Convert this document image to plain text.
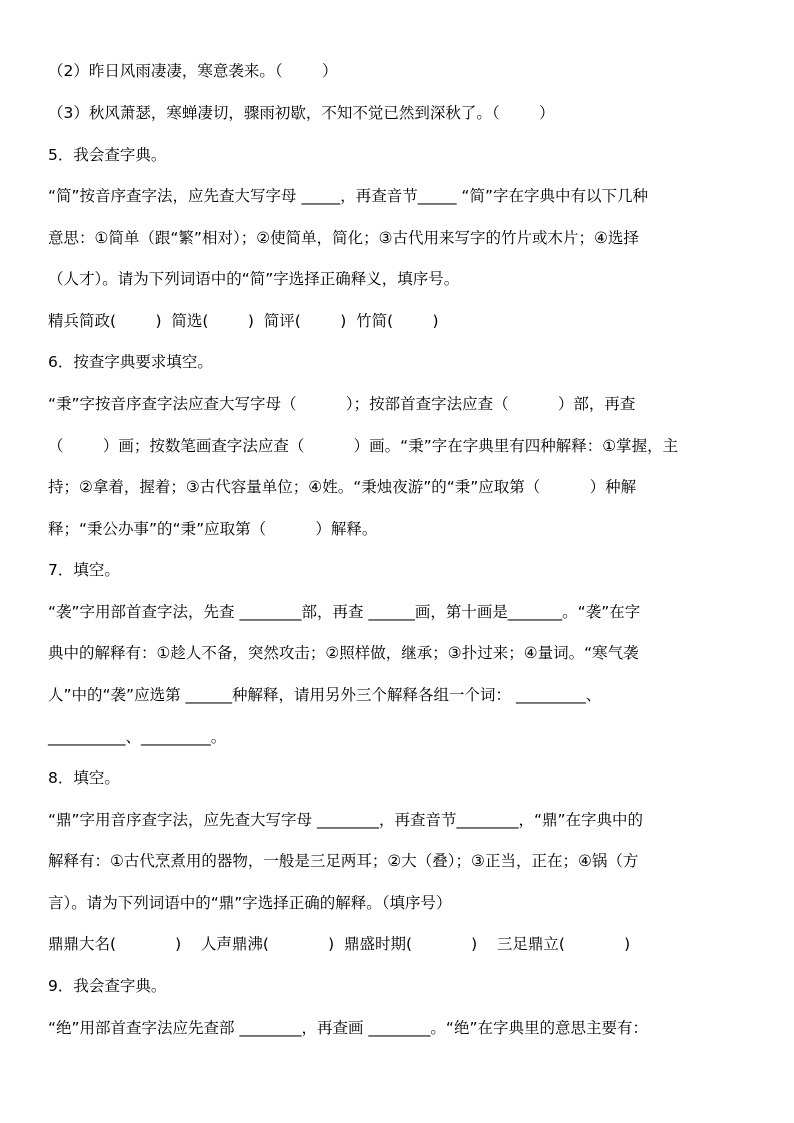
（2）昨日风雨凄凄，寒意袭来。（        ）
（3）秋风萧瑟，寒蝉凄切，骤雨初歇，不知不觉已然到深秋了。（        ）
5．我会查字典。
“简”按音序查字法，应先查大写字母 _____，再查音节_____ “简”字在字典中有以下几种
意思：①简单（跟“繁”相对）；②使简单，简化；③古代用来写字的竹片或木片；④选择
（人才）。请为下列词语中的“简”字选择正确释义，填序号。
精兵简政(        )  简选(        )  简评(        )  竹简(        )
6．按查字典要求填空。
“秉”字按音序查字法应查大写字母（          ）；按部首查字法应查（          ）部，再查
（        ）画；按数笔画查字法应查（          ）画。“秉”字在字典里有四种解释：①掌握，主
持；②拿着，握着；③古代容量单位；④姓。“秉烛夜游”的“秉”应取第（          ）种解
释；“秉公办事”的“秉”应取第（          ）解释。
7．填空。
“袭”字用部首查字法，先查 ________部，再查 ______画，第十画是_______。“袭”在字
典中的解释有：①趁人不备，突然攻击；②照样做，继承；③扑过来；④量词。“寒气袭
人”中的“袭”应选第 ______种解释，请用另外三个解释各组一个词： _________、
__________、_________。
8．填空。
“鼎”字用音序查字法，应先查大写字母 ________，再查音节________，“鼎”在字典中的
解释有：①古代烹煮用的器物，一般是三足两耳；②大（叠）；③正当，正在；④锅（方
言）。请为下列词语中的“鼎”字选择正确的解释。（填序号）
鼎鼎大名(            )    人声鼎沸(            )  鼎盛时期(            )    三足鼎立(            )
9．我会查字典。
“绝”用部首查字法应先查部 ________，再查画 ________。“绝”在字典里的意思主要有：
